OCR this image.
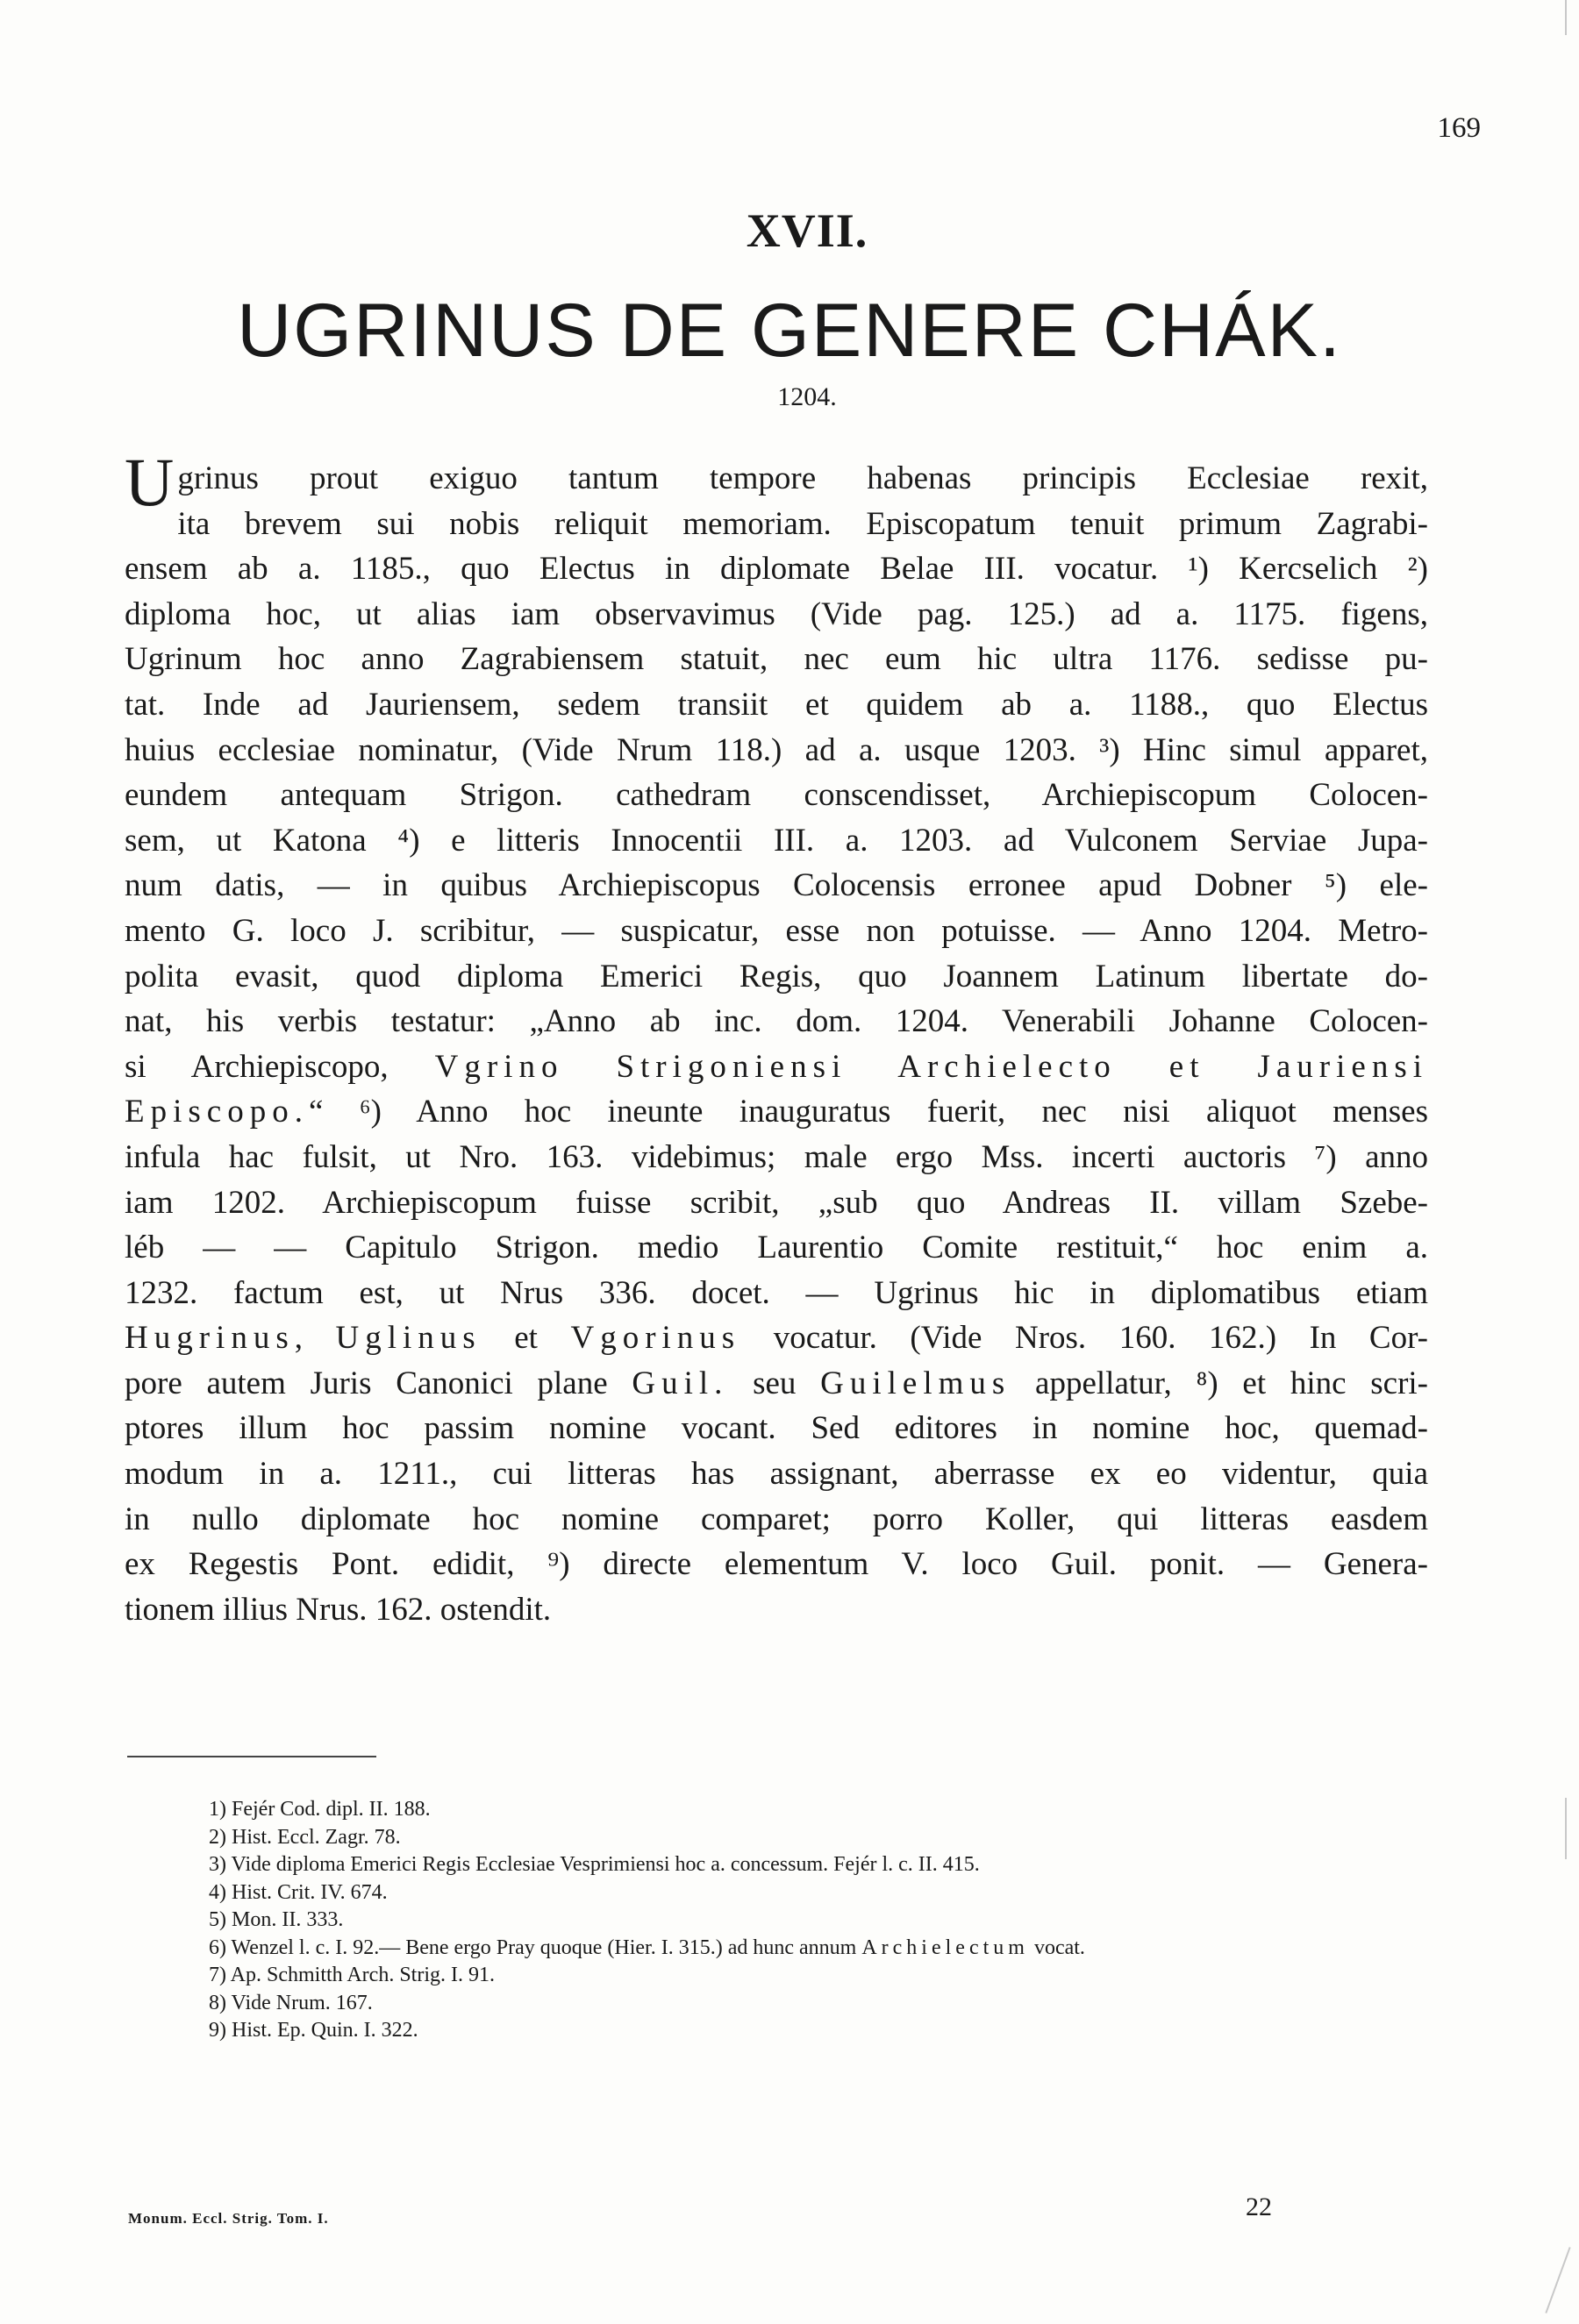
169
XVII.
UGRINUS DE GENERE CHÁK.
1204.
U grinus prout exiguo tantum tempore habenas principis Ecclesiae rexit,
ita brevem sui nobis reliquit memoriam. Episcopatum tenuit primum Zagrabi-
ensem ab a. 1185., quo Electus in diplomate Belae III. vocatur. ¹) Kercselich ²)
diploma hoc, ut alias iam observavimus (Vide pag. 125.) ad a. 1175. figens,
Ugrinum hoc anno Zagrabiensem statuit, nec eum hic ultra 1176. sedisse pu-
tat. Inde ad Jauriensem, sedem transiit et quidem ab a. 1188., quo Electus
huius ecclesiae nominatur, (Vide Nrum 118.) ad a. usque 1203. ³) Hinc simul apparet,
eundem antequam Strigon. cathedram conscendisset, Archiepiscopum Colocen-
sem, ut Katona ⁴) e litteris Innocentii III. a. 1203. ad Vulconem Serviae Jupa-
num datis, — in quibus Archiepiscopus Colocensis erronee apud Dobner ⁵) ele-
mento G. loco J. scribitur, — suspicatur, esse non potuisse. — Anno 1204. Metro-
polita evasit, quod diploma Emerici Regis, quo Joannem Latinum libertate do-
nat, his verbis testatur: „Anno ab inc. dom. 1204. Venerabili Johanne Colocen-
si Archiepiscopo, Vgrino Strigoniensi Archielecto et Jauriensi
Episcopo.“ ⁶) Anno hoc ineunte inauguratus fuerit, nec nisi aliquot menses
infula hac fulsit, ut Nro. 163. videbimus; male ergo Mss. incerti auctoris ⁷) anno
iam 1202. Archiepiscopum fuisse scribit, „sub quo Andreas II. villam Szebe-
léb — — Capitulo Strigon. medio Laurentio Comite restituit,“ hoc enim a.
1232. factum est, ut Nrus 336. docet. — Ugrinus hic in diplomatibus etiam
Hugrinus, Uglinus et Vgorinus vocatur. (Vide Nros. 160. 162.) In Cor-
pore autem Juris Canonici plane Guil. seu Guilelmus appellatur, ⁸) et hinc scri-
ptores illum hoc passim nomine vocant. Sed editores in nomine hoc, quemad-
modum in a. 1211., cui litteras has assignant, aberrasse ex eo videntur, quia
in nullo diplomate hoc nomine comparet; porro Koller, qui litteras easdem
ex Regestis Pont. edidit, ⁹) directe elementum V. loco Guil. ponit. — Genera-
tionem illius Nrus. 162. ostendit.
1) Fejér Cod. dipl. II. 188.
2) Hist. Eccl. Zagr. 78.
3) Vide diploma Emerici Regis Ecclesiae Vesprimiensi hoc a. concessum. Fejér l. c. II. 415.
4) Hist. Crit. IV. 674.
5) Mon. II. 333.
6) Wenzel l. c. I. 92.— Bene ergo Pray quoque (Hier. I. 315.) ad hunc annum Archielectum vocat.
7) Ap. Schmitth Arch. Strig. I. 91.
8) Vide Nrum. 167.
9) Hist. Ep. Quin. I. 322.
Monum. Eccl. Strig. Tom. I.	22
